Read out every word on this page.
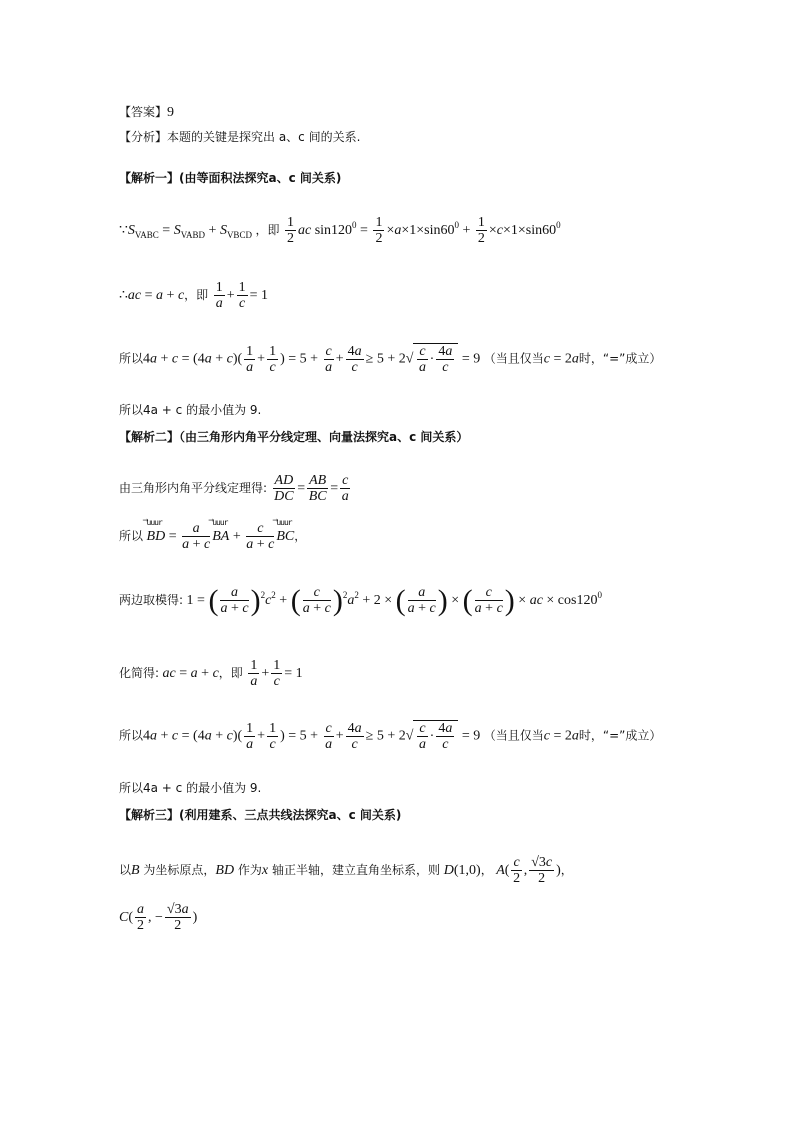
【答案】9
【分析】本题的关键是探究出 a、c 间的关系.
【解析一】(由等面积法探究a、c 间关系)
$\because S_{VABC} = S_{VABD} + S_{VBCD}$ ，即 $\frac{1}{2}$ ac $\sin 120^0 = \frac{1}{2} \times a\times 1\times\sin 60^0 + \frac{1}{2} \times c\times 1\times\sin 60^0$
∴ac = a + c，即 $\frac{1}{a} + \frac{1}{c} = 1$
所以$4a + c = (4a + c)( \frac{1}{a} + \frac{1}{c}$ ) = $5 + \frac{c}{a} + \frac{4a}{c} \ge 5 + 2√ \frac{c}{a} \cdot \frac{4a}{c} = 9$ （当且仅当c = 2a时，“=”成立）
所以4a + c 的最小值为 9.
【解析二】（由三角形内角平分线定理、向量法探究a、c 间关系）
由三角形内角平分线定理得: $\frac{AD}{DC} = \frac{AB}{BC} = \frac{c}{a}$
所以
⃗ uuur
BD = $\frac{a}{a + c}$ ⃗ uuur
BA + $\frac{c}{a + c}$ ⃗ uuur
BC，
两边取模得: 1 = ( $\frac{a}{a + c} )^2c^2$ + ( $\frac{c}{a + c} )^2a^2 + 2$ × ( $\frac{a}{a + c}$ ) × ( $\frac{c}{a + c}$ ) × ac × $\cos 120^0$
化简得: ac = a + c，即 $\frac{1}{a} + \frac{1}{c} = 1$
所以$4a + c = (4a + c)( \frac{1}{a} + \frac{1}{c}$ ) = $5 + \frac{c}{a} + \frac{4a}{c} \ge 5 + 2√ \frac{c}{a} \cdot \frac{4a}{c} = 9$ （当且仅当c = 2a时，“=”成立）
所以4a + c 的最小值为 9.
【解析三】(利用建系、三点共线法探究a、c 间关系)
以B 为坐标原点，BD 作为x 轴正半轴，建立直角坐标系，则 D(1,0)， $A( \frac{c}{2}$ , $\frac{√3c}{2}$ )，
$C( \frac{a}{2}$ , − $\frac{√3a}{2}$ )
